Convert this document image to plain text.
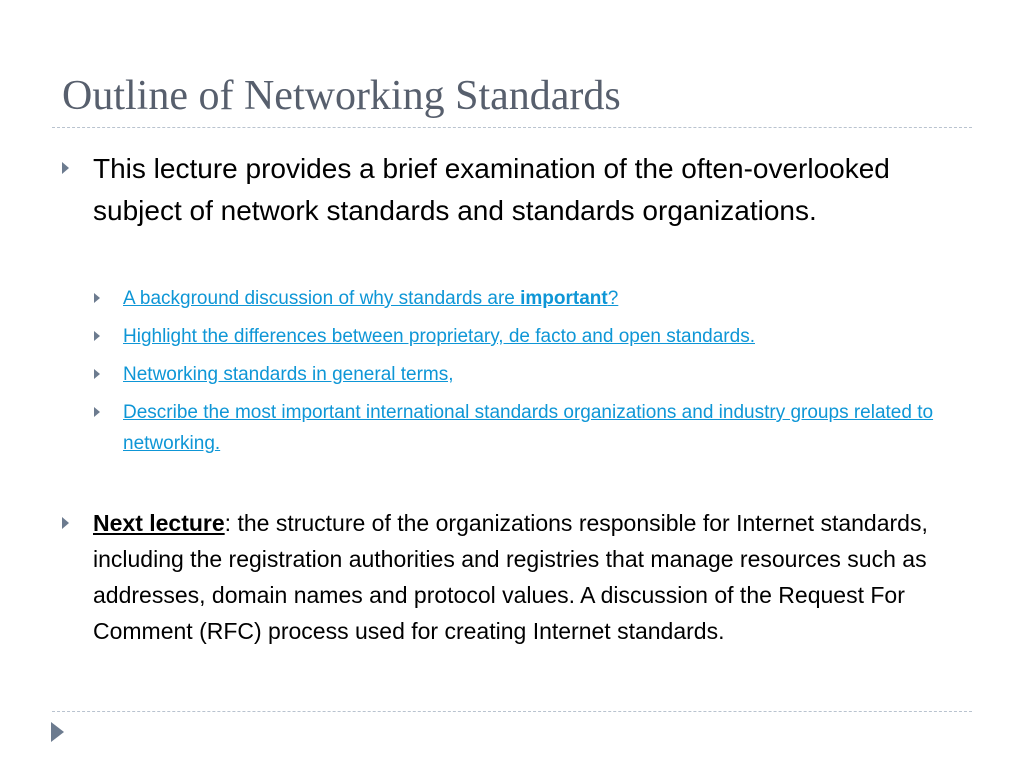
Outline of Networking Standards
This lecture provides a brief examination of the often-overlooked subject of network standards and standards organizations.
A background discussion of why standards are important?
Highlight the differences between proprietary, de facto and open standards.
Networking standards in general terms,
Describe the most important international standards organizations and industry groups related to networking.
Next lecture: the structure of the organizations responsible for Internet standards, including the registration authorities and registries that manage resources such as addresses, domain names and protocol values. A discussion of the Request For Comment (RFC) process used for creating Internet standards.
